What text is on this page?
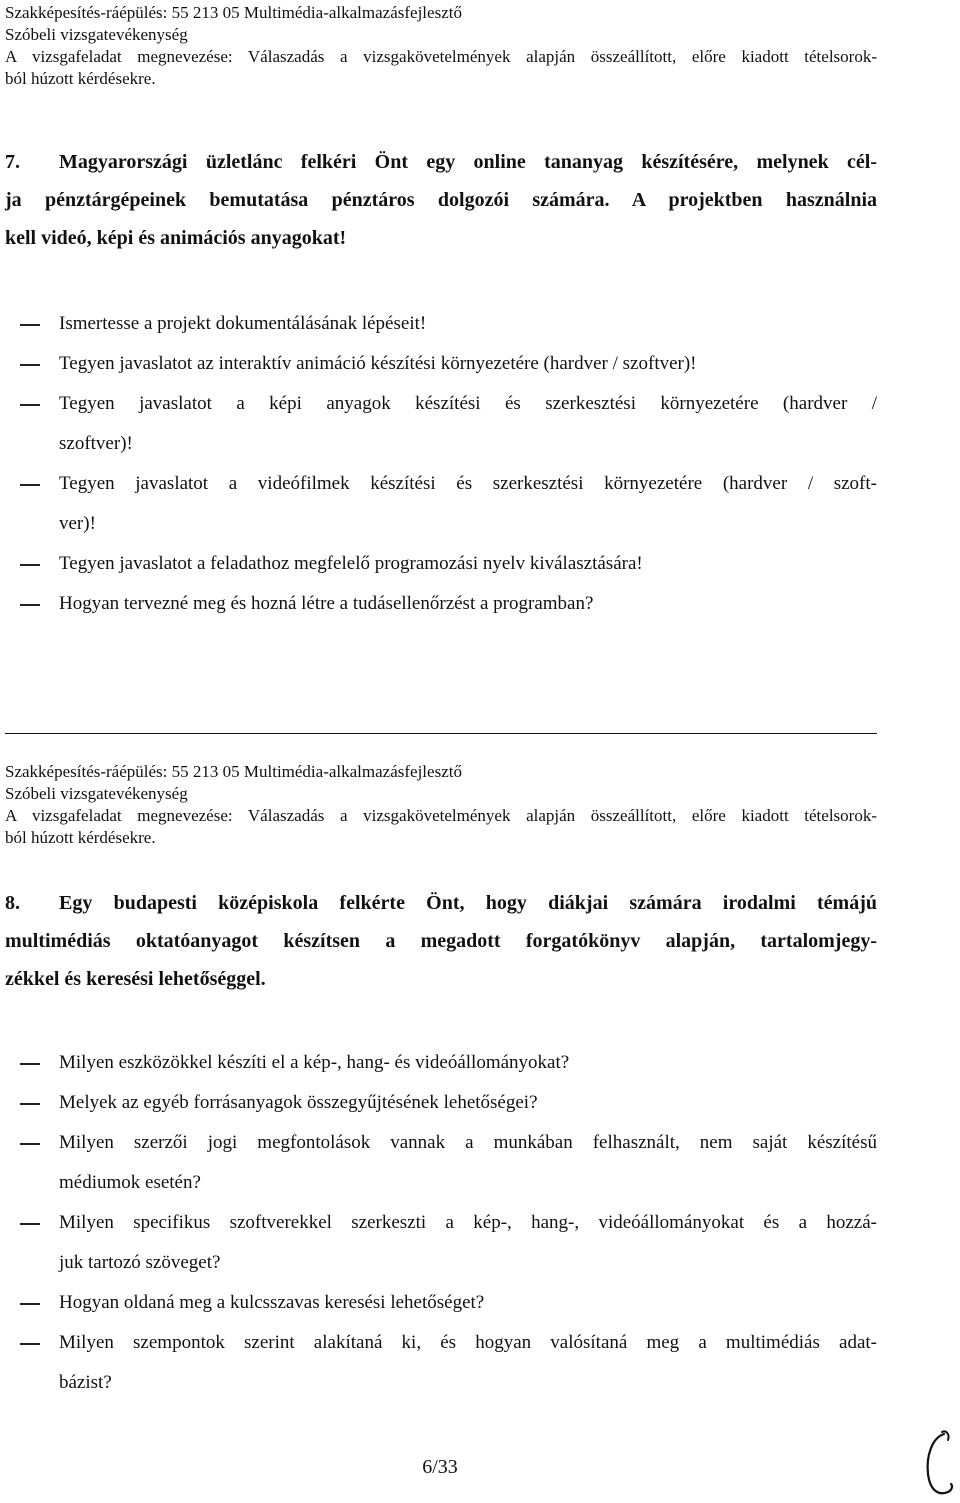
Szakképesítés-ráépülés: 55 213 05 Multimédia-alkalmazásfejlesztő
Szóbeli vizsgatevékenység
A vizsgafeladat megnevezése: Válaszadás a vizsgakövetelmények alapján összeállított, előre kiadott tételsorok-
ból húzott kérdésekre.
7. Magyarországi üzletlánc felkéri Önt egy online tananyag készítésére, melynek cél-
ja pénztárgépeinek bemutatása pénztáros dolgozói számára. A projektben használnia
kell videó, képi és animációs anyagokat!
Ismertesse a projekt dokumentálásának lépéseit!
Tegyen javaslatot az interaktív animáció készítési környezetére (hardver / szoftver)!
Tegyen javaslatot a képi anyagok készítési és szerkesztési környezetére (hardver /
szoftver)!
Tegyen javaslatot a videófilmek készítési és szerkesztési környezetére (hardver / szoft-
ver)!
Tegyen javaslatot a feladathoz megfelelő programozási nyelv kiválasztására!
Hogyan tervezné meg és hozná létre a tudásellenőrzést a programban?
Szakképesítés-ráépülés: 55 213 05 Multimédia-alkalmazásfejlesztő
Szóbeli vizsgatevékenység
A vizsgafeladat megnevezése: Válaszadás a vizsgakövetelmények alapján összeállított, előre kiadott tételsorok-
ból húzott kérdésekre.
8. Egy budapesti középiskola felkérte Önt, hogy diákjai számára irodalmi témájú
multimédiás oktatóanyagot készítsen a megadott forgatókönyv alapján, tartalomjegy-
zékkel és keresési lehetőséggel.
Milyen eszközökkel készíti el a kép-, hang- és videóállományokat?
Melyek az egyéb forrásanyagok összegyűjtésének lehetőségei?
Milyen szerzői jogi megfontolások vannak a munkában felhasznált, nem saját készítésű
médiumok esetén?
Milyen specifikus szoftverekkel szerkeszti a kép-, hang-, videóállományokat és a hozzá-
juk tartozó szöveget?
Hogyan oldaná meg a kulcsszavas keresési lehetőséget?
Milyen szempontok szerint alakítaná ki, és hogyan valósítaná meg a multimédiás adat-
bázist?
6/33
